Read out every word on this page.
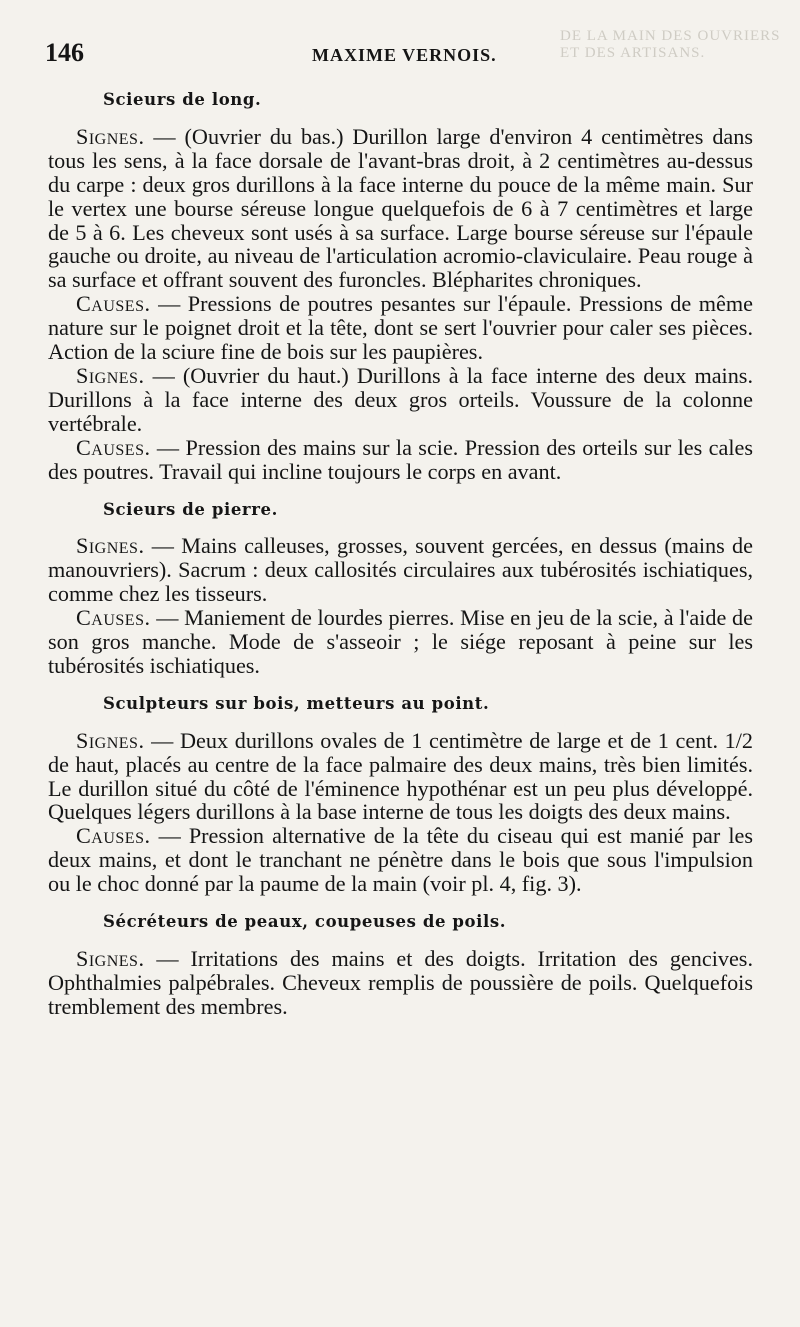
DE LA MAIN DES OUVRIERS ET DES ARTISANS.
146	MAXIME VERNOIS.
Scieurs de long.

Signes. — (Ouvrier du bas.) Durillon large d'environ 4 centimètres dans tous les sens, à la face dorsale de l'avant-bras droit, à 2 centimètres au-dessus du carpe : deux gros durillons à la face interne du pouce de la même main. Sur le vertex une bourse séreuse longue quelquefois de 6 à 7 centimètres et large de 5 à 6. Les cheveux sont usés à sa surface. Large bourse séreuse sur l'épaule gauche ou droite, au niveau de l'articulation acromio-claviculaire. Peau rouge à sa surface et offrant souvent des furoncles. Blépharites chroniques.

Causes. — Pressions de poutres pesantes sur l'épaule. Pressions de même nature sur le poignet droit et la tête, dont se sert l'ouvrier pour caler ses pièces. Action de la sciure fine de bois sur les paupières.

Signes. — (Ouvrier du haut.) Durillons à la face interne des deux mains. Durillons à la face interne des deux gros orteils. Voussure de la colonne vertébrale.

Causes. — Pression des mains sur la scie. Pression des orteils sur les cales des poutres. Travail qui incline toujours le corps en avant.

Scieurs de pierre.

Signes. — Mains calleuses, grosses, souvent gercées, en dessus (mains de manouvriers). Sacrum : deux callosités circulaires aux tubérosités ischiatiques, comme chez les tisseurs.

Causes. — Maniement de lourdes pierres. Mise en jeu de la scie, à l'aide de son gros manche. Mode de s'asseoir ; le siége reposant à peine sur les tubérosités ischiatiques.

Sculpteurs sur bois, metteurs au point.

Signes. — Deux durillons ovales de 1 centimètre de large et de 1 cent. 1/2 de haut, placés au centre de la face palmaire des deux mains, très bien limités. Le durillon situé du côté de l'éminence hypothénar est un peu plus développé. Quelques légers durillons à la base interne de tous les doigts des deux mains.

Causes. — Pression alternative de la tête du ciseau qui est manié par les deux mains, et dont le tranchant ne pénètre dans le bois que sous l'impulsion ou le choc donné par la paume de la main (voir pl. 4, fig. 3).

Sécréteurs de peaux, coupeuses de poils.

Signes. — Irritations des mains et des doigts. Irritation des gencives. Ophthalmies palpébrales. Cheveux remplis de poussière de poils. Quelquefois tremblement des membres.
